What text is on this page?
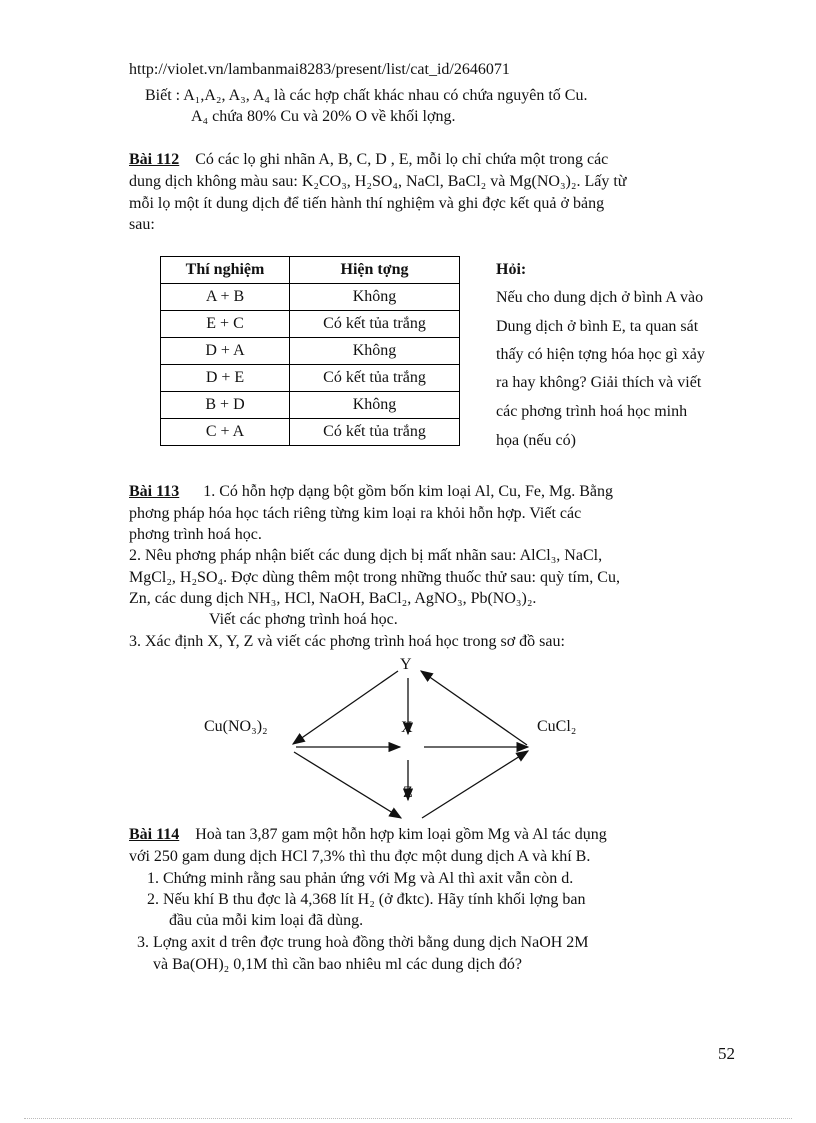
http://violet.vn/lambanmai8283/present/list/cat_id/2646071
Biết : A₁,A₂, A₃, A₄ là các hợp chất khác nhau có chứa nguyên tố Cu.
A₄ chứa 80% Cu và 20% O về khối lợng.
Bài 112 Có các lọ ghi nhãn A, B, C, D , E, mỗi lọ chỉ chứa một trong các
dung dịch không màu sau: K₂CO₃, H₂SO₄, NaCl, BaCl₂ và Mg(NO₃)₂. Lấy từ
mỗi lọ một ít dung dịch để tiến hành thí nghiệm và ghi đợc kết quả ở bảng
sau:
Thí nghiệm	Hiện tợng
A + B	Không
E + C	Có kết tủa trắng
D + A	Không
D + E	Có kết tủa trắng
B + D	Không
C + A	Có kết tủa trắng
Hỏi:
Nếu cho dung dịch ở bình A vào
Dung dịch ở bình E, ta quan sát
thấy có hiện tợng hóa học gì xảy
ra hay không? Giải thích và viết
các phơng trình hoá học minh
họa (nếu có)
Bài 113 1. Có hỗn hợp dạng bột gồm bốn kim loại Al, Cu, Fe, Mg. Bằng
phơng pháp hóa học tách riêng từng kim loại ra khỏi hỗn hợp. Viết các
phơng trình hoá học.
2. Nêu phơng pháp nhận biết các dung dịch bị mất nhãn sau: AlCl₃, NaCl,
MgCl₂, H₂SO₄. Đợc dùng thêm một trong những thuốc thử sau: quỳ tím, Cu,
Zn, các dung dịch NH₃, HCl, NaOH, BaCl₂, AgNO₃, Pb(NO₃)₂.
Viết các phơng trình hoá học.
3. Xác định X, Y, Z và viết các phơng trình hoá học trong sơ đồ sau:
Y
X
Z
Cu(NO₃)₂	CuCl₂
Bài 114 Hoà tan 3,87 gam một hỗn hợp kim loại gồm Mg và Al tác dụng
với 250 gam dung dịch HCl 7,3% thì thu đợc một dung dịch A và khí B.
1. Chứng minh rằng sau phản ứng với Mg và Al thì axit vẫn còn d.
2. Nếu khí B thu đợc là 4,368 lít H₂ (ở đktc). Hãy tính khối lợng ban
đầu của mỗi kim loại đã dùng.
3. Lợng axit d trên đợc trung hoà đồng thời bằng dung dịch NaOH 2M
và Ba(OH)₂ 0,1M thì cần bao nhiêu ml các dung dịch đó?
52
